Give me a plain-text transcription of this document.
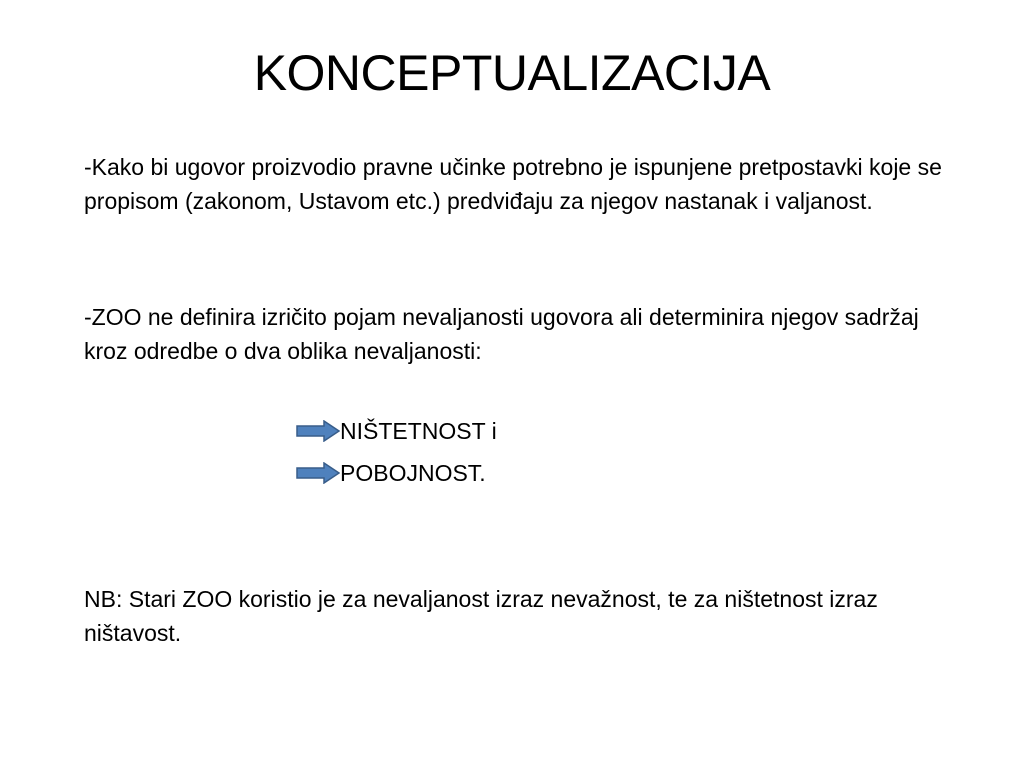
KONCEPTUALIZACIJA
-Kako bi ugovor proizvodio pravne učinke potrebno je ispunjene pretpostavki koje se propisom (zakonom, Ustavom etc.) predviđaju za njegov nastanak i valjanost.
-ZOO ne definira izričito pojam nevaljanosti ugovora ali determinira njegov sadržaj kroz odredbe o dva oblika nevaljanosti:
NIŠTETNOST i
POBOJNOST.
NB: Stari ZOO koristio je za nevaljanost izraz nevažnost, te za ništetnost izraz ništavost.
